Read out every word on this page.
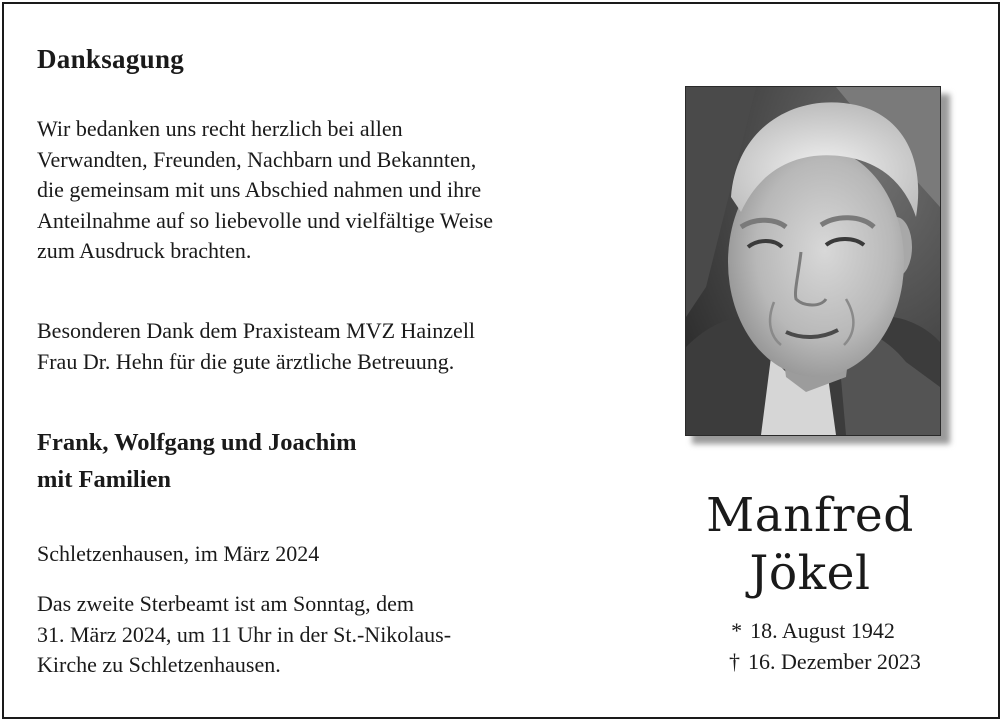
Danksagung
Wir bedanken uns recht herzlich bei allen
Verwandten, Freunden, Nachbarn und Bekannten,
die gemeinsam mit uns Abschied nahmen und ihre
Anteilnahme auf so liebevolle und vielfältige Weise
zum Ausdruck brachten.
Besonderen Dank dem Praxisteam MVZ Hainzell
Frau Dr. Hehn für die gute ärztliche Betreuung.
Frank, Wolfgang und Joachim
mit Familien
Schletzenhausen, im März 2024
Das zweite Sterbeamt ist am Sonntag, dem
31. März 2024, um 11 Uhr in der St.-Nikolaus-
Kirche zu Schletzenhausen.
Manfred
Jökel
* 18. August 1942
† 16. Dezember 2023
